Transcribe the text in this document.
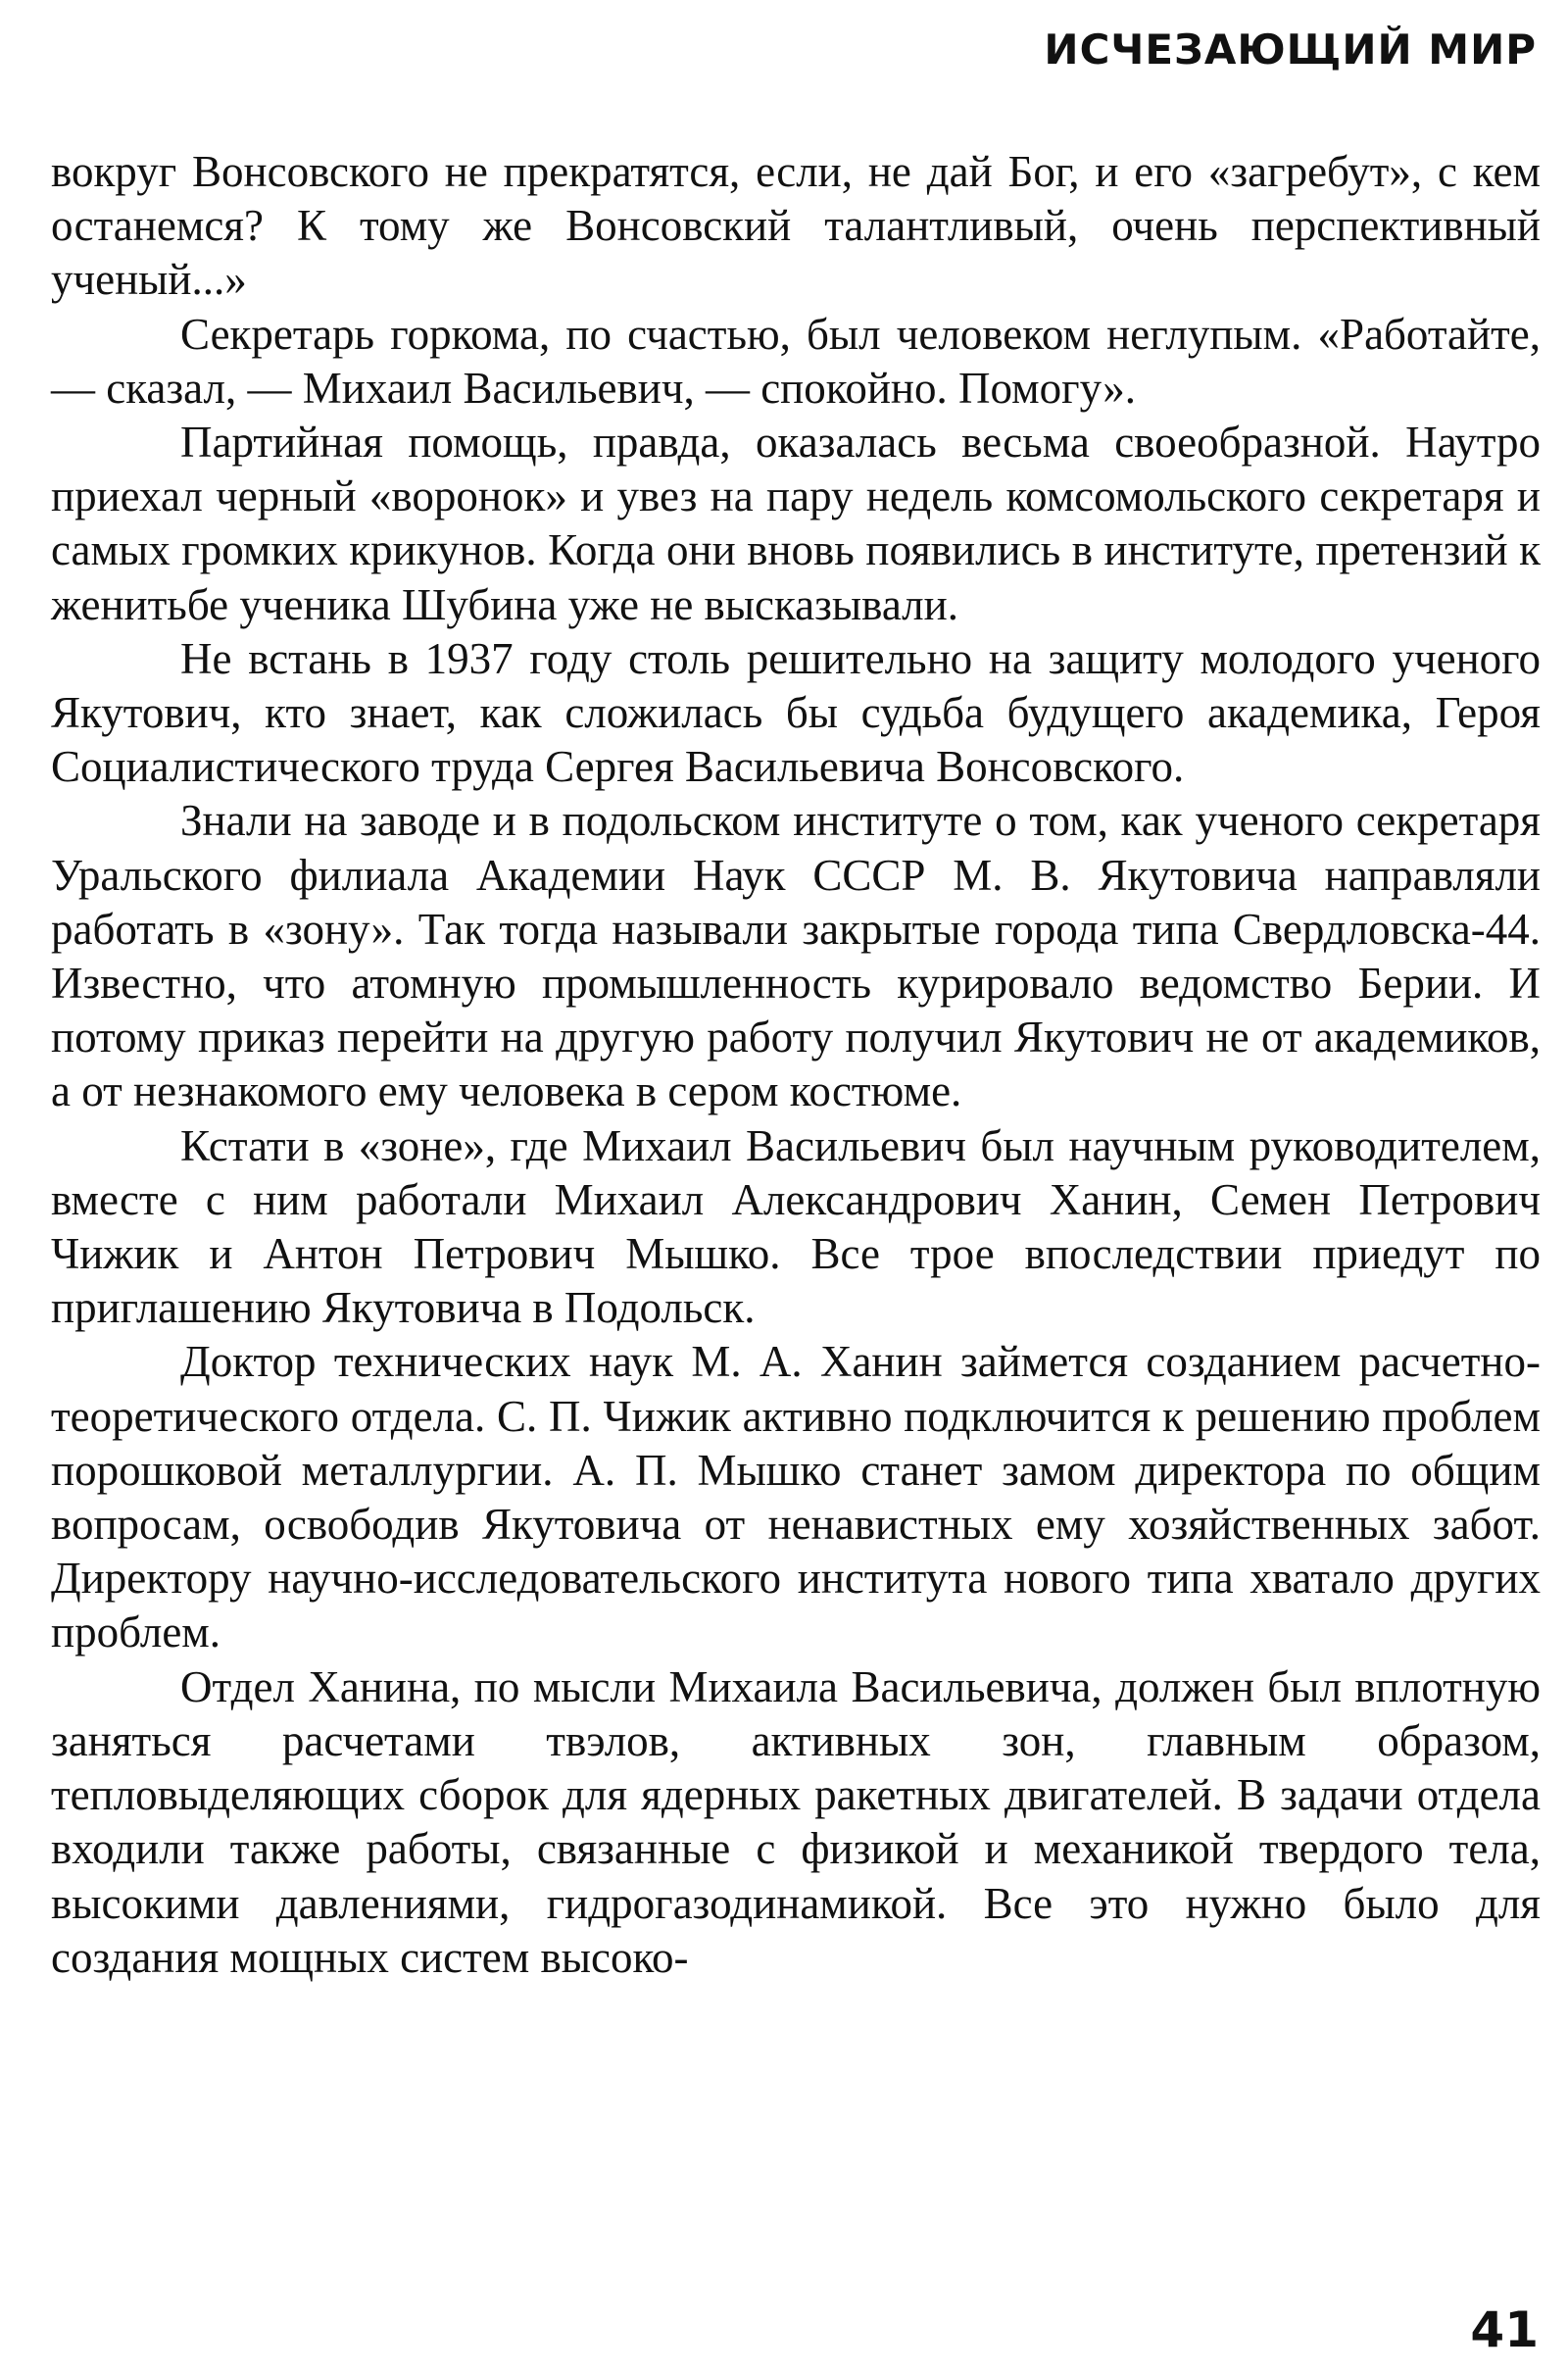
ИСЧЕЗАЮЩИЙ МИР

вокруг Вонсовского не прекратятся, если, не дай Бог, и его «загребут», с кем останемся? К тому же Вонсовский талантливый, очень перспективный ученый...»

Секретарь горкома, по счастью, был человеком неглупым. «Работайте, — сказал, — Михаил Васильевич, — спокойно. Помогу».

Партийная помощь, правда, оказалась весьма своеобразной. Наутро приехал черный «воронок» и увез на пару недель комсомольского секретаря и самых громких крикунов. Когда они вновь появились в институте, претензий к женитьбе ученика Шубина уже не высказывали.

Не встань в 1937 году столь решительно на защиту молодого ученого Якутович, кто знает, как сложилась бы судьба будущего академика, Героя Социалистического труда Сергея Васильевича Вонсовского.

Знали на заводе и в подольском институте о том, как ученого секретаря Уральского филиала Академии Наук СССР М. В. Якутовича направляли работать в «зону». Так тогда называли закрытые города типа Свердловска-44. Известно, что атомную промышленность курировало ведомство Берии. И потому приказ перейти на другую работу получил Якутович не от академиков, а от незнакомого ему человека в сером костюме.

Кстати в «зоне», где Михаил Васильевич был научным руководителем, вместе с ним работали Михаил Александрович Ханин, Семен Петрович Чижик и Антон Петрович Мышко. Все трое впоследствии приедут по приглашению Якутовича в Подольск.

Доктор технических наук М. А. Ханин займется созданием расчетно-теоретического отдела. С. П. Чижик активно подключится к решению проблем порошковой металлургии. А. П. Мышко станет замом директора по общим вопросам, освободив Якутовича от ненавистных ему хозяйственных забот. Директору научно-исследовательского института нового типа хватало других проблем.

Отдел Ханина, по мысли Михаила Васильевича, должен был вплотную заняться расчетами твэлов, активных зон, главным образом, тепловыделяющих сборок для ядерных ракетных двигателей. В задачи отдела входили также работы, связанные с физикой и механикой твердого тела, высокими давлениями, гидрогазодинамикой. Все это нужно было для создания мощных систем высоко-

41
